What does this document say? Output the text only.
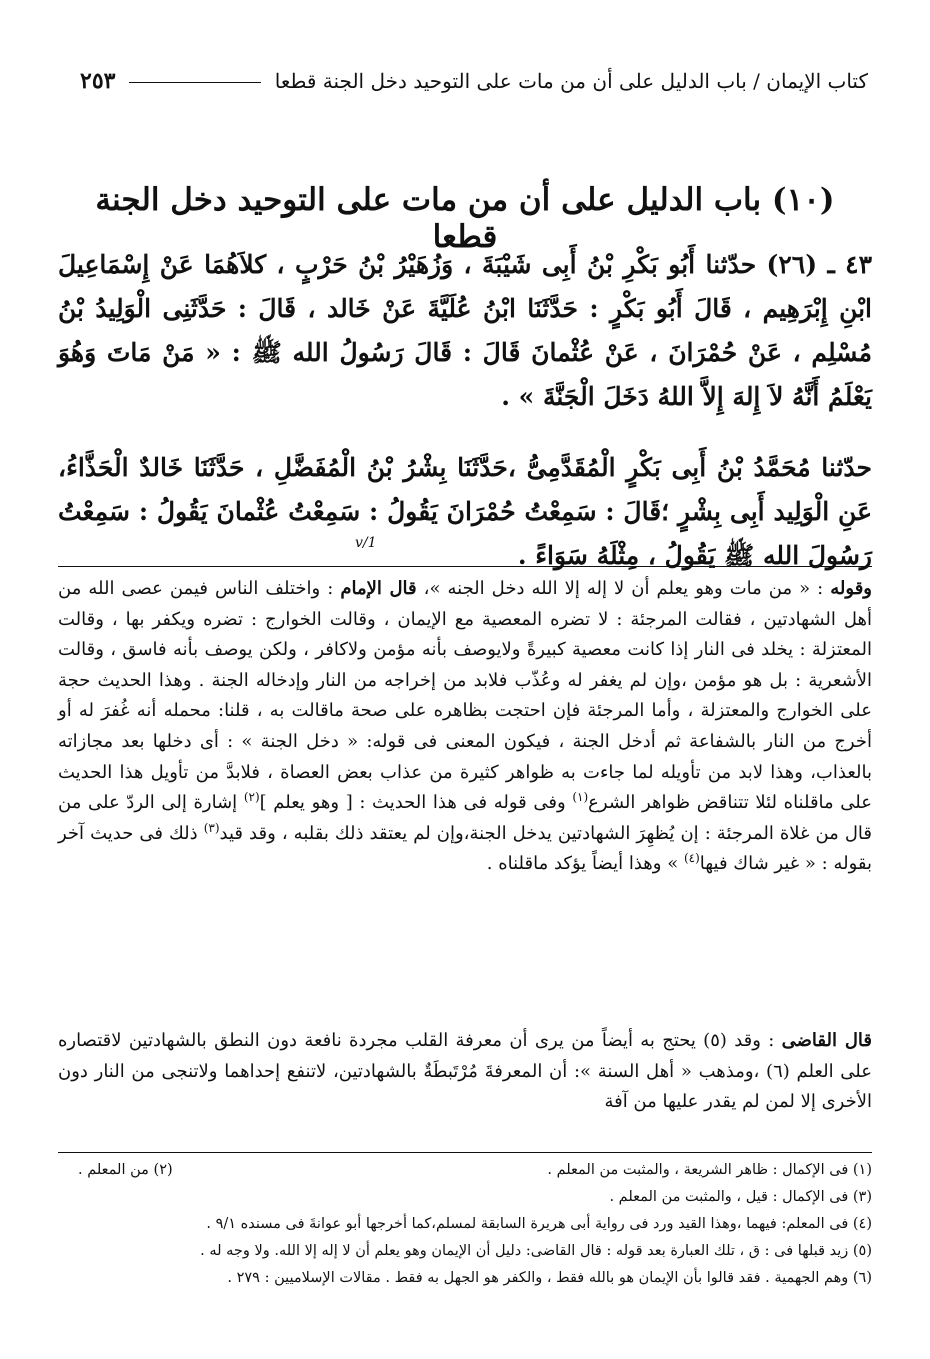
كتاب الإيمان / باب الدليل على أن من مات على التوحيد دخل الجنة قطعا
٢٥٣
(١٠) باب الدليل على أن من مات على التوحيد دخل الجنة قطعا
٤٣ ـ (٢٦) حدّثنا أَبُو بَكْرِ بْنُ أَبِى شَيْبَةَ ، وَزُهَيْرُ بْنُ حَرْبٍ ، كلاَهُمَا عَنْ إِسْمَاعِيلَ ابْنِ إِبْرَهِيم ، قَالَ أَبُو بَكْرٍ : حَدَّثَنَا ابْنُ عُلَيَّةَ عَنْ خَالد ، قَالَ : حَدَّثَنِى الْوَلِيدُ بْنُ مُسْلِم ، عَنْ حُمْرَانَ ، عَنْ عُثْمانَ قَالَ : قَالَ رَسُولُ الله ﷺ : « مَنْ مَاتَ وَهُوَ يَعْلَمُ أَنَّهُ لاَ إِلهَ إِلاَّ اللهُ دَخَلَ الْجَنَّةَ » .
حدّثنا مُحَمَّدُ بْنُ أَبِى بَكْرٍ الْمُقَدَّمِىُّ ،حَدَّثَنَا بِشْرُ بْنُ الْمُفَضَّلِ ، حَدَّثَنَا خَالدٌ الْحَذَّاءُ، عَنِ الْوَلِيد أَبِى بِشْرٍ ؛قَالَ : سَمِعْتُ حُمْرَانَ يَقُولُ : سَمِعْتُ عُثْمانَ يَقُولُ : سَمِعْتُ رَسُولَ الله ﷺ يَقُولُ ، مِثْلَهُ سَوَاءً .
v/1
وقوله : « من مات وهو يعلم أن لا إله إلا الله دخل الجنه »، قال الإمام : واختلف الناس فيمن عصى الله من أهل الشهادتين ، فقالت المرجئة : لا تضره المعصية مع الإيمان ، وقالت الخوارج : تضره ويكفر بها ، وقالت المعتزلة : يخلد فى النار إذا كانت معصية كبيرةً ولايوصف بأنه مؤمن ولاكافر ، ولكن يوصف بأنه فاسق ، وقالت الأشعرية : بل هو مؤمن ،وإن لم يغفر له وعُذّب فلابد من إخراجه من النار وإدخاله الجنة . وهذا الحديث حجة على الخوارج والمعتزلة ، وأما المرجئة فإن احتجت بظاهره على صحة ماقالت به ، قلنا: محمله أنه غُفرَ له أو أخرج من النار بالشفاعة ثم أدخل الجنة ، فيكون المعنى فى قوله: « دخل الجنة » : أى دخلها بعد مجازاته بالعذاب، وهذا لابد من تأويله لما جاءت به ظواهر كثيرة من عذاب بعض العصاة ، فلابدَّ من تأويل هذا الحديث على ماقلناه لئلا تتناقض ظواهر الشرع$^{(١)}$ وفى قوله فى هذا الحديث : [ وهو يعلم ]$^{(٢)}$ إشارة إلى الردّ على من قال من غلاة المرجئة : إن يُظهِرَ الشهادتين يدخل الجنة،وإن لم يعتقد ذلك بقلبه ، وقد قيد$^{(٣)}$ ذلك فى حديث آخر بقوله : « غير شاك فيها$^{(٤)}$ » وهذا أيضاً يؤكد ماقلناه .
قال القاضى : وقد (٥) يحتج به أيضاً من يرى أن معرفة القلب مجردة نافعة دون النطق بالشهادتين لاقتصاره على العلم (٦) ،ومذهب « أهل السنة »: أن المعرفةَ مُرْتَبطَةٌ بالشهادتين، لاتنفع إحداهما ولاتنجى من النار دون الأخرى إلا لمن لم يقدر عليها من آفة
(١) فى الإكمال : ظاهر الشريعة ، والمثبت من المعلم .
(٢) من المعلم .

(٣) فى الإكمال : قيل ، والمثبت من المعلم .

(٤) فى المعلم: فيهما ،وهذا القيد ورد فى رواية أبى هريرة السابقة لمسلم،كما أخرجها أبو عوانةَ فى مسنده ٩/١ .

(٥) زيد قبلها فى : ق ، تلك العبارة بعد قوله : قال القاضى: دليل أن الإيمان وهو يعلم أن لا إله إلا الله. ولا وجه له .

(٦) وهم الجهمية . فقد قالوا بأن الإيمان هو بالله فقط ، والكفر هو الجهل به فقط . مقالات الإسلاميين : ٢٧٩ .
